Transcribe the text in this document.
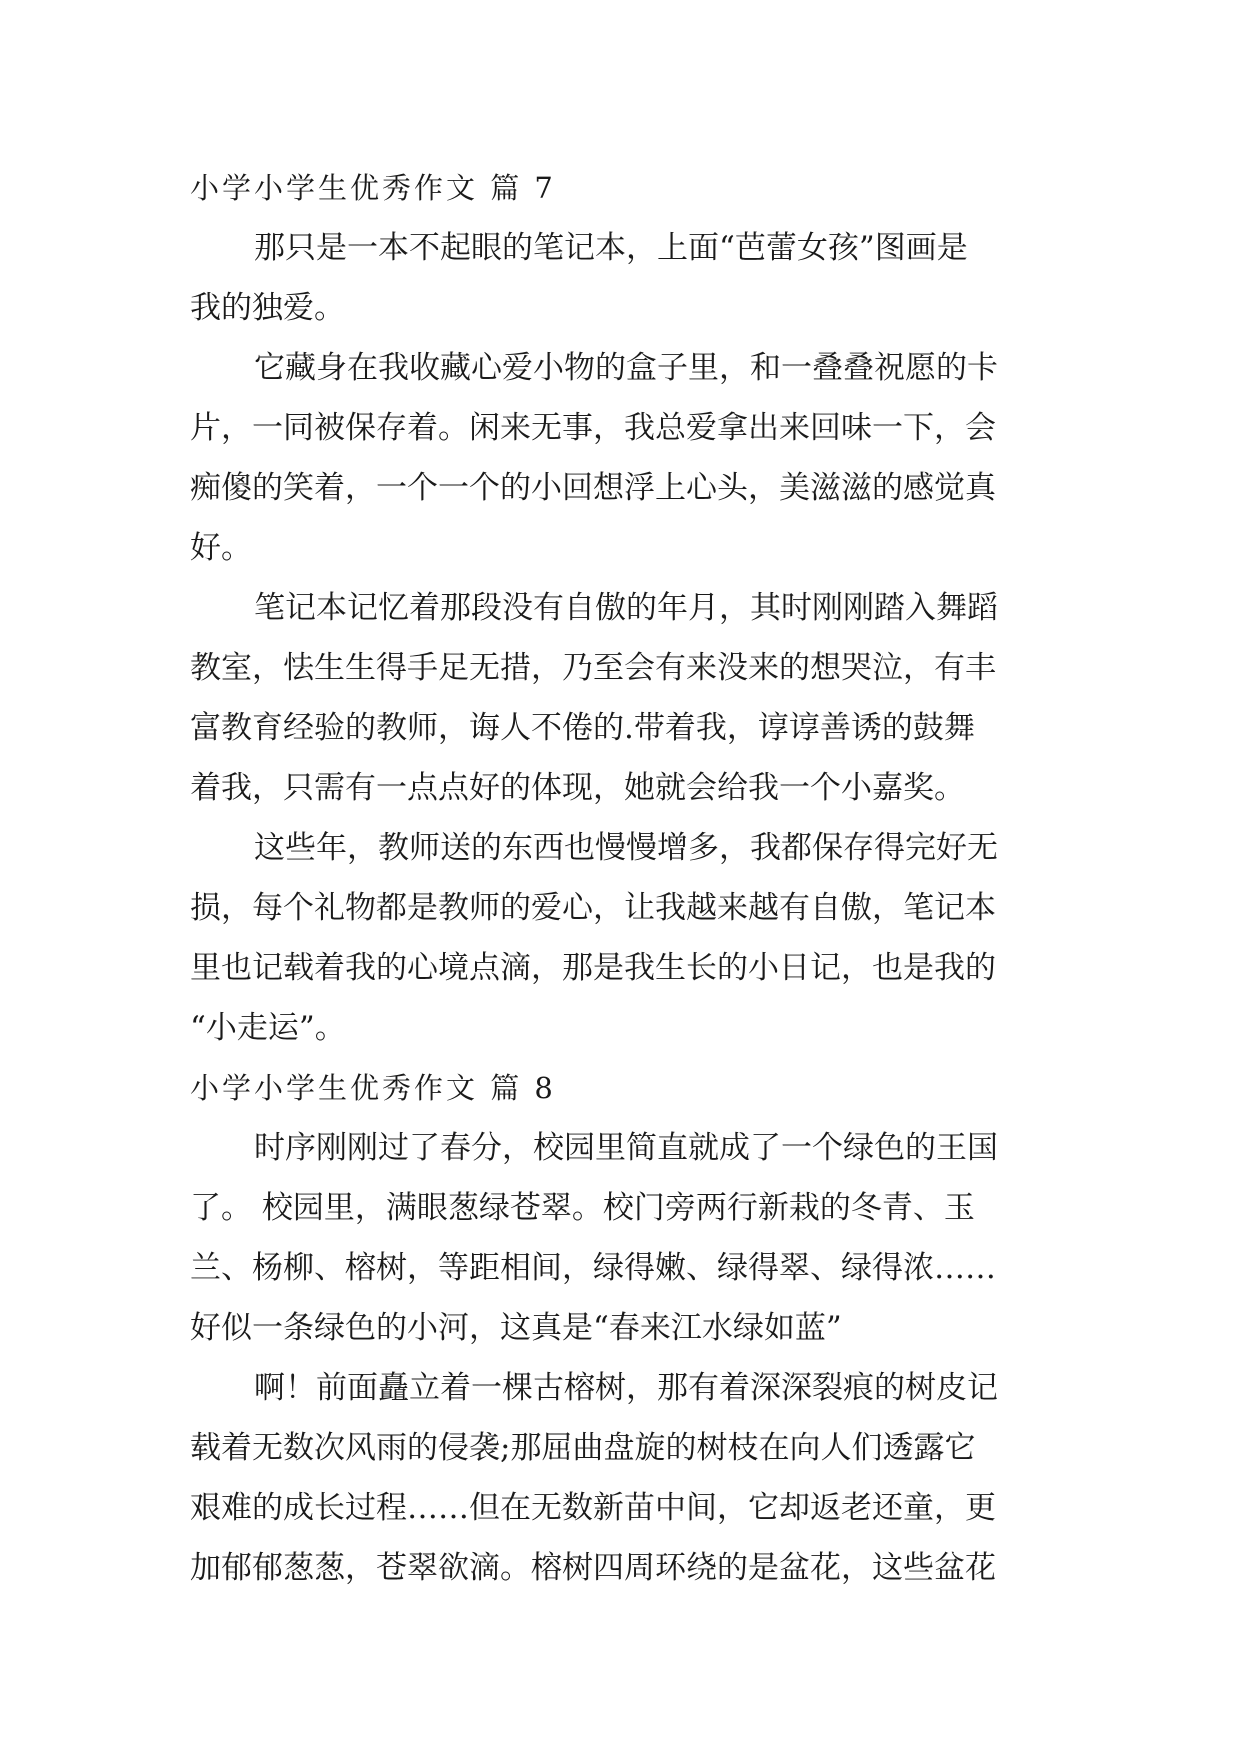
小学小学生优秀作文 篇 7

那只是一本不起眼的笔记本，上面“芭蕾女孩”图画是
我的独爱。

它藏身在我收藏心爱小物的盒子里，和一叠叠祝愿的卡
片，一同被保存着。闲来无事，我总爱拿出来回味一下，会
痴傻的笑着，一个一个的小回想浮上心头，美滋滋的感觉真
好。

笔记本记忆着那段没有自傲的年月，其时刚刚踏入舞蹈
教室，怯生生得手足无措，乃至会有来没来的想哭泣，有丰
富教育经验的教师，诲人不倦的.带着我，谆谆善诱的鼓舞
着我，只需有一点点好的体现，她就会给我一个小嘉奖。

这些年，教师送的东西也慢慢增多，我都保存得完好无
损，每个礼物都是教师的爱心，让我越来越有自傲，笔记本
里也记载着我的心境点滴，那是我生长的小日记，也是我的
“小走运”。

小学小学生优秀作文 篇 8

时序刚刚过了春分，校园里简直就成了一个绿色的王国
了。 校园里，满眼葱绿苍翠。校门旁两行新栽的冬青、玉
兰、杨柳、榕树，等距相间，绿得嫩、绿得翠、绿得浓……
好似一条绿色的小河，这真是“春来江水绿如蓝”

啊！前面矗立着一棵古榕树，那有着深深裂痕的树皮记
载着无数次风雨的侵袭;那屈曲盘旋的树枝在向人们透露它
艰难的成长过程……但在无数新苗中间，它却返老还童，更
加郁郁葱葱，苍翠欲滴。榕树四周环绕的是盆花，这些盆花
